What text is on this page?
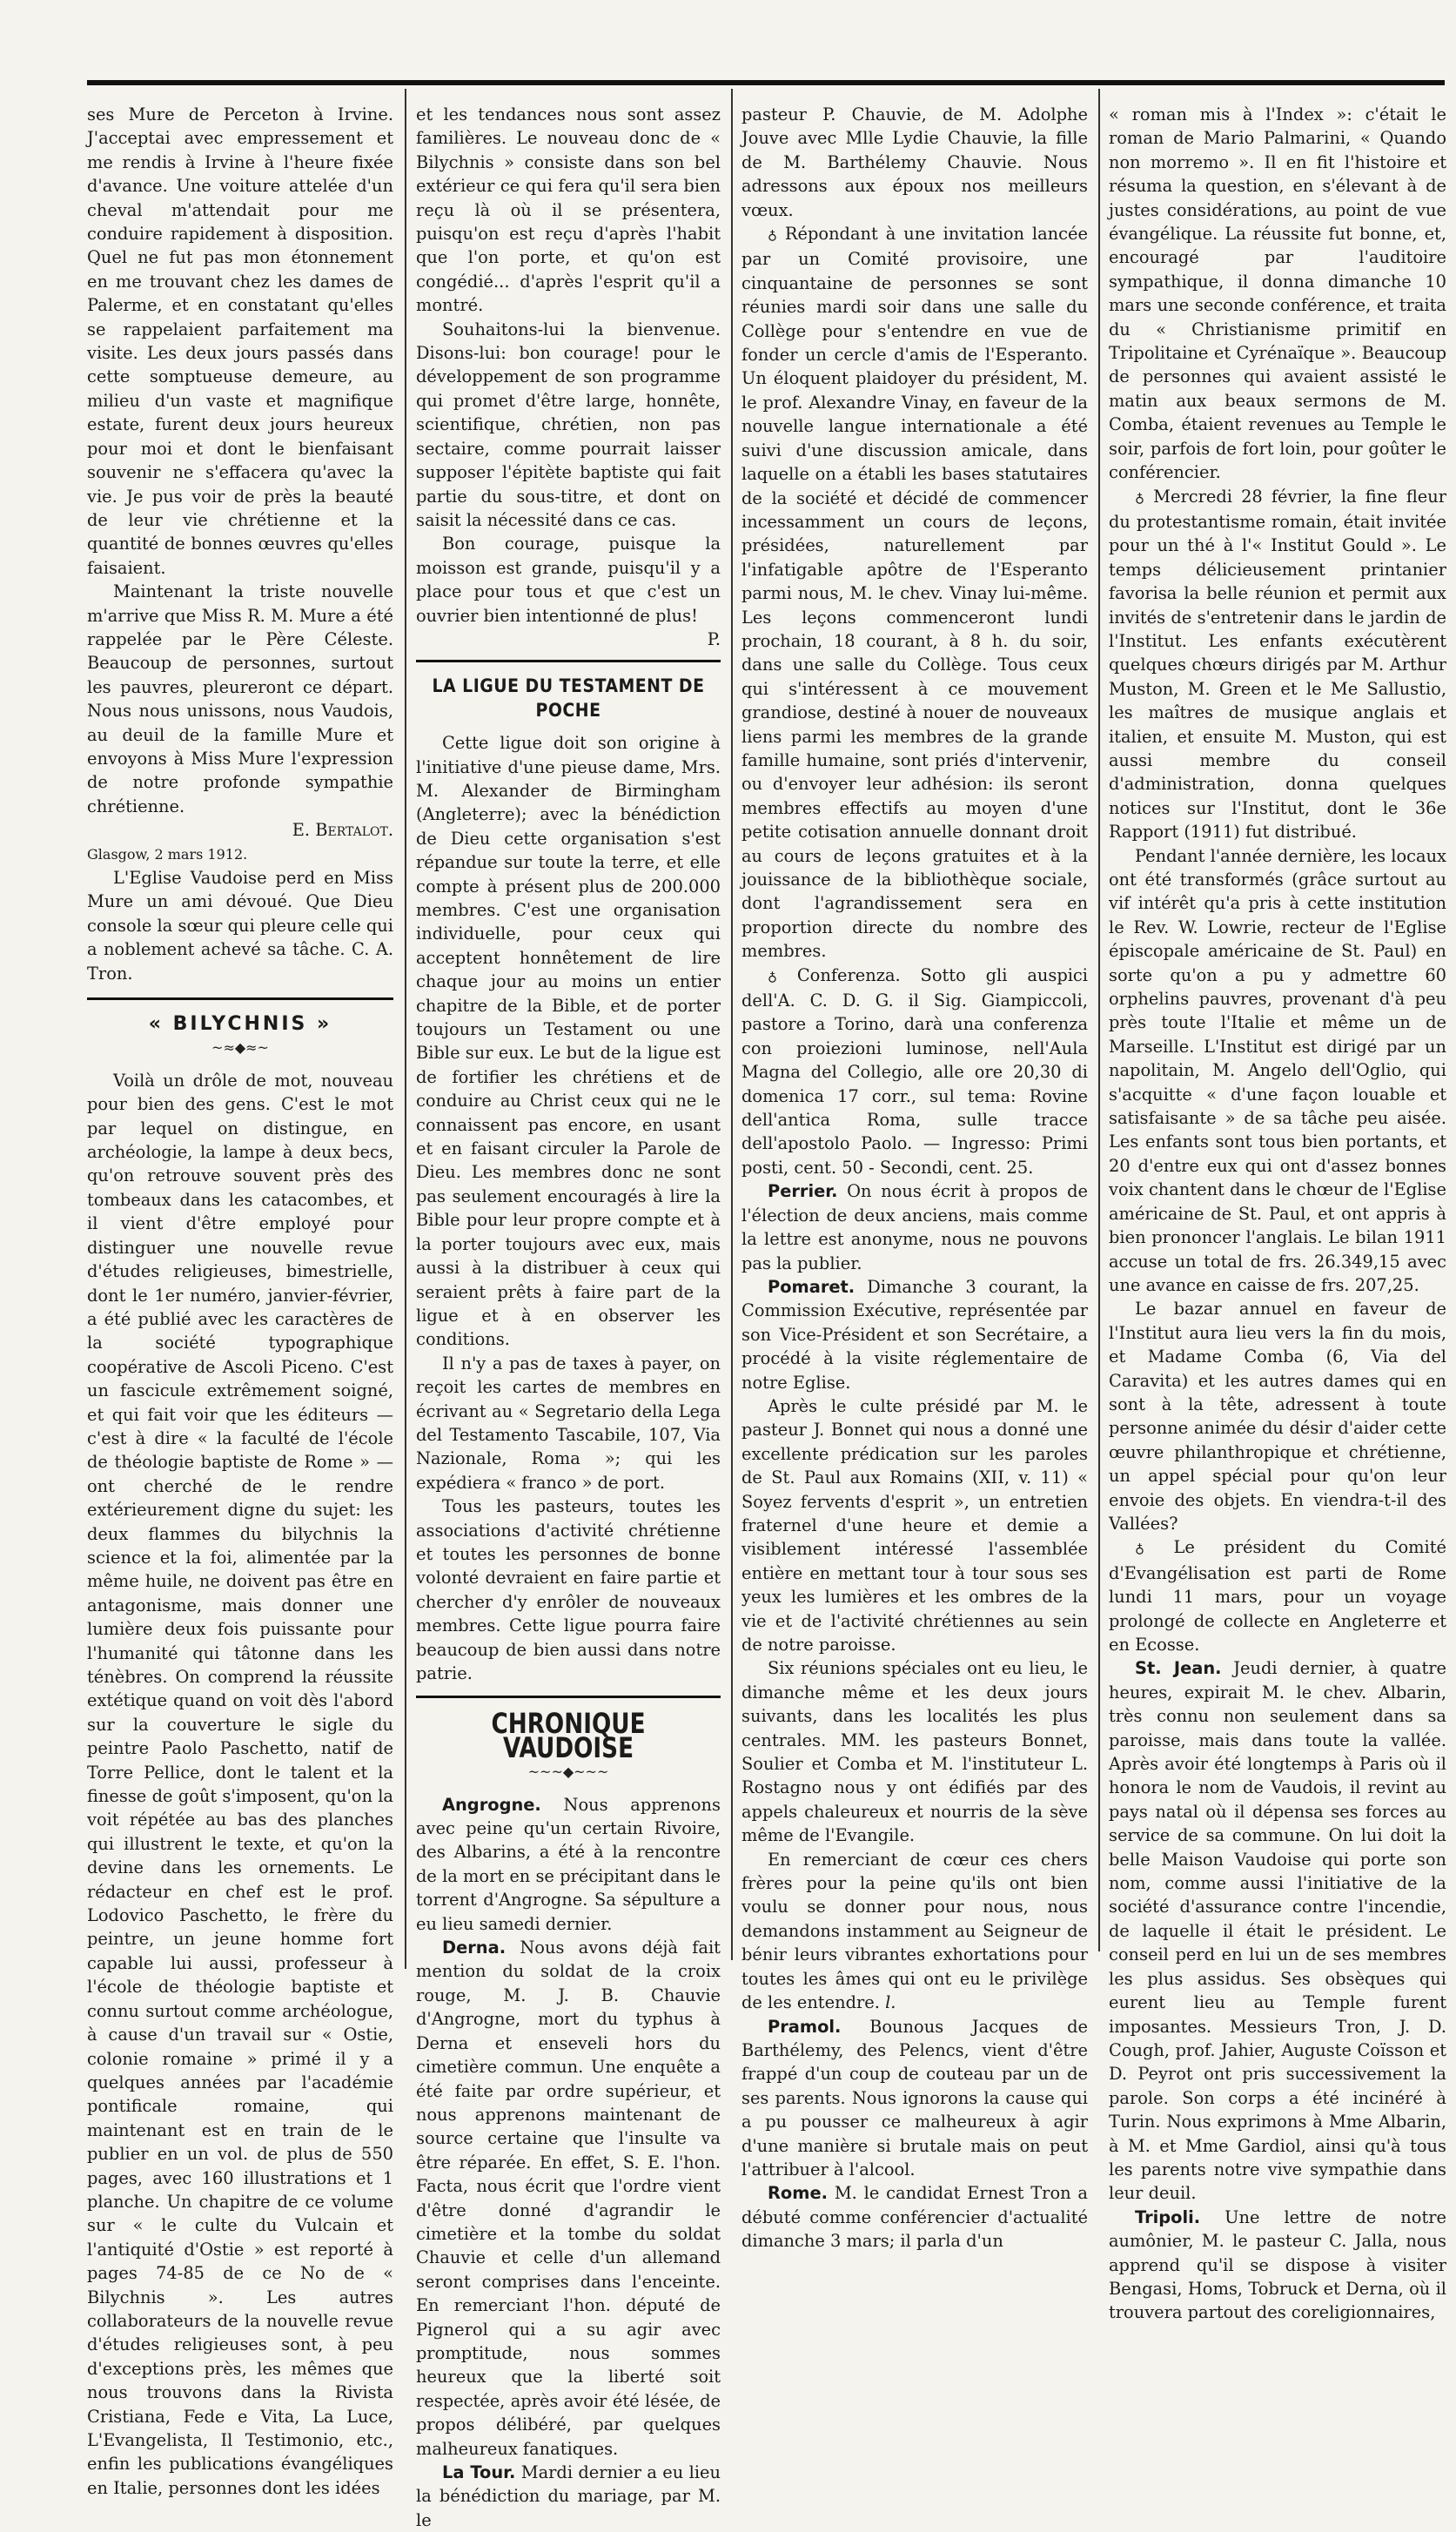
ses Mure de Perceton à Irvine. J'acceptai avec empressement et me rendis à Irvine à l'heure fixée d'avance. Une voiture attelée d'un cheval m'attendait pour me conduire rapidement à disposition. Quel ne fut pas mon étonnement en me trouvant chez les dames de Palerme, et en constatant qu'elles se rappelaient parfaitement ma visite. Les deux jours passés dans cette somptueuse demeure, au milieu d'un vaste et magnifique estate, furent deux jours heureux pour moi et dont le bienfaisant souvenir ne s'effacera qu'avec la vie. Je pus voir de près la beauté de leur vie chrétienne et la quantité de bonnes œuvres qu'elles faisaient.

Maintenant la triste nouvelle m'arrive que Miss R. M. Mure a été rappelée par le Père Céleste. Beaucoup de personnes, surtout les pauvres, pleureront ce départ. Nous nous unissons, nous Vaudois, au deuil de la famille Mure et envoyons à Miss Mure l'expression de notre profonde sympathie chrétienne.

E. Bertalot.

Glasgow, 2 mars 1912.

L'Eglise Vaudoise perd en Miss Mure un ami dévoué. Que Dieu console la sœur qui pleure celle qui a noblement achevé sa tâche. C. A. Tron.

« BILYCHNIS »

~≈◆≈~

Voilà un drôle de mot, nouveau pour bien des gens. C'est le mot par lequel on distingue, en archéologie, la lampe à deux becs, qu'on retrouve souvent près des tombeaux dans les catacombes, et il vient d'être employé pour distinguer une nouvelle revue d'études religieuses, bimestrielle, dont le 1er numéro, janvier-février, a été publié avec les caractères de la société typographique coopérative de Ascoli Piceno. C'est un fascicule extrêmement soigné, et qui fait voir que les éditeurs — c'est à dire « la faculté de l'école de théologie baptiste de Rome » — ont cherché de le rendre extérieurement digne du sujet: les deux flammes du bilychnis la science et la foi, alimentée par la même huile, ne doivent pas être en antagonisme, mais donner une lumière deux fois puissante pour l'humanité qui tâtonne dans les ténèbres. On comprend la réussite extétique quand on voit dès l'abord sur la couverture le sigle du peintre Paolo Paschetto, natif de Torre Pellice, dont le talent et la finesse de goût s'imposent, qu'on la voit répétée au bas des planches qui illustrent le texte, et qu'on la devine dans les ornements. Le rédacteur en chef est le prof. Lodovico Paschetto, le frère du peintre, un jeune homme fort capable lui aussi, professeur à l'école de théologie baptiste et connu surtout comme archéologue, à cause d'un travail sur « Ostie, colonie romaine » primé il y a quelques années par l'académie pontificale romaine, qui maintenant est en train de le publier en un vol. de plus de 550 pages, avec 160 illustrations et 1 planche. Un chapitre de ce volume sur « le culte du Vulcain et l'antiquité d'Ostie » est reporté à pages 74-85 de ce No de « Bilychnis ». Les autres collaborateurs de la nouvelle revue d'études religieuses sont, à peu d'exceptions près, les mêmes que nous trouvons dans la Rivista Cristiana, Fede e Vita, La Luce, L'Evangelista, Il Testimonio, etc., enfin les publications évangéliques en Italie, personnes dont les idées

et les tendances nous sont assez familières. Le nouveau donc de « Bilychnis » consiste dans son bel extérieur ce qui fera qu'il sera bien reçu là où il se présentera, puisqu'on est reçu d'après l'habit que l'on porte, et qu'on est congédié... d'après l'esprit qu'il a montré.

Souhaitons-lui la bienvenue. Disons-lui: bon courage! pour le développement de son programme qui promet d'être large, honnête, scientifique, chrétien, non pas sectaire, comme pourrait laisser supposer l'épitète baptiste qui fait partie du sous-titre, et dont on saisit la nécessité dans ce cas.

Bon courage, puisque la moisson est grande, puisqu'il y a place pour tous et que c'est un ouvrier bien intentionné de plus!

P.

LA LIGUE DU TESTAMENT DE POCHE

Cette ligue doit son origine à l'initiative d'une pieuse dame, Mrs. M. Alexander de Birmingham (Angleterre); avec la bénédiction de Dieu cette organisation s'est répandue sur toute la terre, et elle compte à présent plus de 200.000 membres. C'est une organisation individuelle, pour ceux qui acceptent honnêtement de lire chaque jour au moins un entier chapitre de la Bible, et de porter toujours un Testament ou une Bible sur eux. Le but de la ligue est de fortifier les chrétiens et de conduire au Christ ceux qui ne le connaissent pas encore, en usant et en faisant circuler la Parole de Dieu. Les membres donc ne sont pas seulement encouragés à lire la Bible pour leur propre compte et à la porter toujours avec eux, mais aussi à la distribuer à ceux qui seraient prêts à faire part de la ligue et à en observer les conditions.

Il n'y a pas de taxes à payer, on reçoit les cartes de membres en écrivant au « Segretario della Lega del Testamento Tascabile, 107, Via Nazionale, Roma »; qui les expédiera « franco » de port.

Tous les pasteurs, toutes les associations d'activité chrétienne et toutes les personnes de bonne volonté devraient en faire partie et chercher d'y enrôler de nouveaux membres. Cette ligue pourra faire beaucoup de bien aussi dans notre patrie.

CHRONIQUE VAUDOISE

~~~◆~~~

Angrogne. Nous apprenons avec peine qu'un certain Rivoire, des Albarins, a été à la rencontre de la mort en se précipitant dans le torrent d'Angrogne. Sa sépulture a eu lieu samedi dernier.

Derna. Nous avons déjà fait mention du soldat de la croix rouge, M. J. B. Chauvie d'Angrogne, mort du typhus à Derna et enseveli hors du cimetière commun. Une enquête a été faite par ordre supérieur, et nous apprenons maintenant de source certaine que l'insulte va être réparée. En effet, S. E. l'hon. Facta, nous écrit que l'ordre vient d'être donné d'agrandir le cimetière et la tombe du soldat Chauvie et celle d'un allemand seront comprises dans l'enceinte. En remerciant l'hon. député de Pignerol qui a su agir avec promptitude, nous sommes heureux que la liberté soit respectée, après avoir été lésée, de propos délibéré, par quelques malheureux fanatiques.

La Tour. Mardi dernier a eu lieu la bénédiction du mariage, par M. le

pasteur P. Chauvie, de M. Adolphe Jouve avec Mlle Lydie Chauvie, la fille de M. Barthélemy Chauvie. Nous adressons aux époux nos meilleurs vœux.

♁ Répondant à une invitation lancée par un Comité provisoire, une cinquantaine de personnes se sont réunies mardi soir dans une salle du Collège pour s'entendre en vue de fonder un cercle d'amis de l'Esperanto. Un éloquent plaidoyer du président, M. le prof. Alexandre Vinay, en faveur de la nouvelle langue internationale a été suivi d'une discussion amicale, dans laquelle on a établi les bases statutaires de la société et décidé de commencer incessamment un cours de leçons, présidées, naturellement par l'infatigable apôtre de l'Esperanto parmi nous, M. le chev. Vinay lui-même. Les leçons commenceront lundi prochain, 18 courant, à 8 h. du soir, dans une salle du Collège. Tous ceux qui s'intéressent à ce mouvement grandiose, destiné à nouer de nouveaux liens parmi les membres de la grande famille humaine, sont priés d'intervenir, ou d'envoyer leur adhésion: ils seront membres effectifs au moyen d'une petite cotisation annuelle donnant droit au cours de leçons gratuites et à la jouissance de la bibliothèque sociale, dont l'agrandissement sera en proportion directe du nombre des membres.

♁ Conferenza. Sotto gli auspici dell'A. C. D. G. il Sig. Giampiccoli, pastore a Torino, darà una conferenza con proiezioni luminose, nell'Aula Magna del Collegio, alle ore 20,30 di domenica 17 corr., sul tema: Rovine dell'antica Roma, sulle tracce dell'apostolo Paolo. — Ingresso: Primi posti, cent. 50 - Secondi, cent. 25.

Perrier. On nous écrit à propos de l'élection de deux anciens, mais comme la lettre est anonyme, nous ne pouvons pas la publier.

Pomaret. Dimanche 3 courant, la Commission Exécutive, représentée par son Vice-Président et son Secrétaire, a procédé à la visite réglementaire de notre Eglise.

Après le culte présidé par M. le pasteur J. Bonnet qui nous a donné une excellente prédication sur les paroles de St. Paul aux Romains (XII, v. 11) « Soyez fervents d'esprit », un entretien fraternel d'une heure et demie a visiblement intéressé l'assemblée entière en mettant tour à tour sous ses yeux les lumières et les ombres de la vie et de l'activité chrétiennes au sein de notre paroisse.

Six réunions spéciales ont eu lieu, le dimanche même et les deux jours suivants, dans les localités les plus centrales. MM. les pasteurs Bonnet, Soulier et Comba et M. l'instituteur L. Rostagno nous y ont édifiés par des appels chaleureux et nourris de la sève même de l'Evangile.

En remerciant de cœur ces chers frères pour la peine qu'ils ont bien voulu se donner pour nous, nous demandons instamment au Seigneur de bénir leurs vibrantes exhortations pour toutes les âmes qui ont eu le privilège de les entendre. l.

Pramol. Bounous Jacques de Barthélemy, des Pelencs, vient d'être frappé d'un coup de couteau par un de ses parents. Nous ignorons la cause qui a pu pousser ce malheureux à agir d'une manière si brutale mais on peut l'attribuer à l'alcool.

Rome. M. le candidat Ernest Tron a débuté comme conférencier d'actualité dimanche 3 mars; il parla d'un

« roman mis à l'Index »: c'était le roman de Mario Palmarini, « Quando non morremo ». Il en fit l'histoire et résuma la question, en s'élevant à de justes considérations, au point de vue évangélique. La réussite fut bonne, et, encouragé par l'auditoire sympathique, il donna dimanche 10 mars une seconde conférence, et traita du « Christianisme primitif en Tripolitaine et Cyrénaïque ». Beaucoup de personnes qui avaient assisté le matin aux beaux sermons de M. Comba, étaient revenues au Temple le soir, parfois de fort loin, pour goûter le conférencier.

♁ Mercredi 28 février, la fine fleur du protestantisme romain, était invitée pour un thé à l'« Institut Gould ». Le temps délicieusement printanier favorisa la belle réunion et permit aux invités de s'entretenir dans le jardin de l'Institut. Les enfants exécutèrent quelques chœurs dirigés par M. Arthur Muston, M. Green et le Me Sallustio, les maîtres de musique anglais et italien, et ensuite M. Muston, qui est aussi membre du conseil d'administration, donna quelques notices sur l'Institut, dont le 36e Rapport (1911) fut distribué.

Pendant l'année dernière, les locaux ont été transformés (grâce surtout au vif intérêt qu'a pris à cette institution le Rev. W. Lowrie, recteur de l'Eglise épiscopale américaine de St. Paul) en sorte qu'on a pu y admettre 60 orphelins pauvres, provenant d'à peu près toute l'Italie et même un de Marseille. L'Institut est dirigé par un napolitain, M. Angelo dell'Oglio, qui s'acquitte « d'une façon louable et satisfaisante » de sa tâche peu aisée. Les enfants sont tous bien portants, et 20 d'entre eux qui ont d'assez bonnes voix chantent dans le chœur de l'Eglise américaine de St. Paul, et ont appris à bien prononcer l'anglais. Le bilan 1911 accuse un total de frs. 26.349,15 avec une avance en caisse de frs. 207,25.

Le bazar annuel en faveur de l'Institut aura lieu vers la fin du mois, et Madame Comba (6, Via del Caravita) et les autres dames qui en sont à la tête, adressent à toute personne animée du désir d'aider cette œuvre philanthropique et chrétienne, un appel spécial pour qu'on leur envoie des objets. En viendra-t-il des Vallées?

♁ Le président du Comité d'Evangélisation est parti de Rome lundi 11 mars, pour un voyage prolongé de collecte en Angleterre et en Ecosse.

St. Jean. Jeudi dernier, à quatre heures, expirait M. le chev. Albarin, très connu non seulement dans sa paroisse, mais dans toute la vallée. Après avoir été longtemps à Paris où il honora le nom de Vaudois, il revint au pays natal où il dépensa ses forces au service de sa commune. On lui doit la belle Maison Vaudoise qui porte son nom, comme aussi l'initiative de la société d'assurance contre l'incendie, de laquelle il était le président. Le conseil perd en lui un de ses membres les plus assidus. Ses obsèques qui eurent lieu au Temple furent imposantes. Messieurs Tron, J. D. Cough, prof. Jahier, Auguste Coïsson et D. Peyrot ont pris successivement la parole. Son corps a été incinéré à Turin. Nous exprimons à Mme Albarin, à M. et Mme Gardiol, ainsi qu'à tous les parents notre vive sympathie dans leur deuil.

Tripoli. Une lettre de notre aumônier, M. le pasteur C. Jalla, nous apprend qu'il se dispose à visiter Bengasi, Homs, Tobruck et Derna, où il trouvera partout des coreligionnaires,
